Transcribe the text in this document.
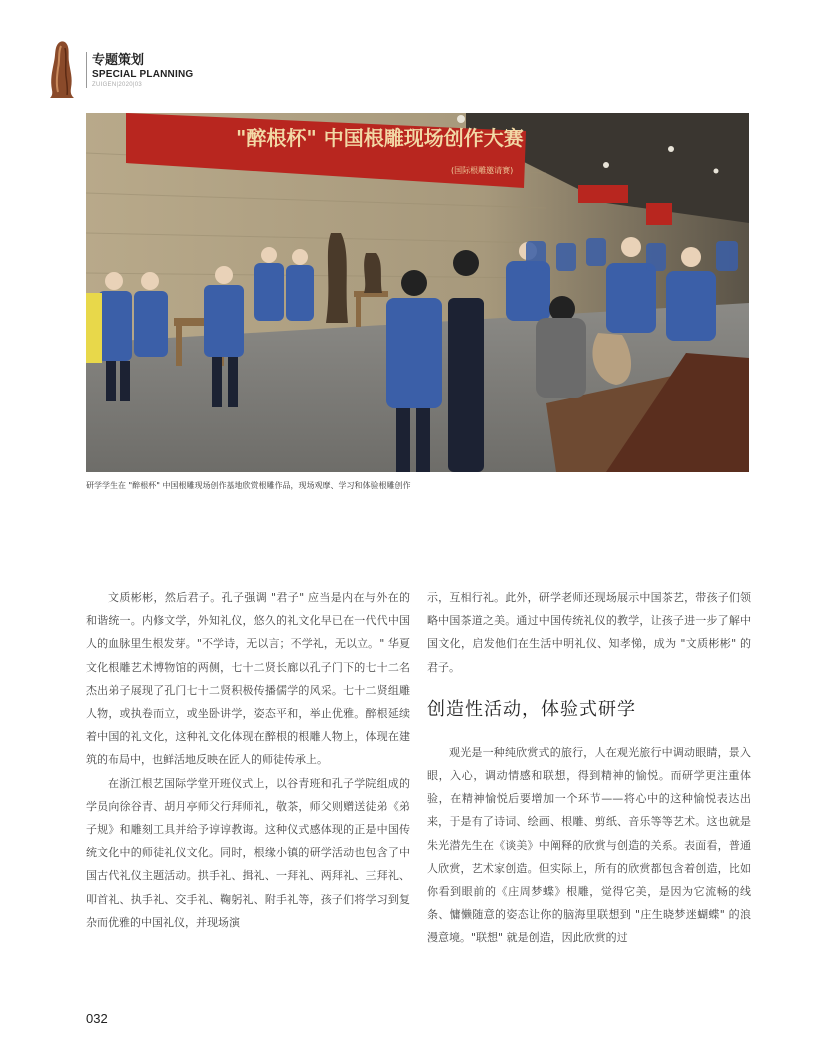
专题策划
SPECIAL PLANNING
ZUIGEN|2020|03
"醉根杯" 中国根雕现场创作大赛
(国际根雕邀请赛)
研学学生在 "醉根杯" 中国根雕现场创作基地欣赏根雕作品，现场观摩、学习和体验根雕创作

文质彬彬，然后君子。孔子强调 "君子" 应当是内在与外在的和谐统一。内修文学，外知礼仪，悠久的礼文化早已在一代代中国人的血脉里生根发芽。"不学诗，无以言；不学礼，无以立。" 华夏文化根雕艺术博物馆的两侧，七十二贤长廊以孔子门下的七十二名杰出弟子展现了孔门七十二贤积极传播儒学的风采。七十二贤组雕人物，或执卷而立，或坐卧讲学，姿态平和，举止优雅。醉根延续着中国的礼文化，这种礼文化体现在醉根的根雕人物上，体现在建筑的布局中，也鲜活地反映在匠人的师徒传承上。

在浙江根艺国际学堂开班仪式上，以谷青班和孔子学院组成的学员向徐谷青、胡月亭师父行拜师礼，敬茶，师父则赠送徒弟《弟子规》和雕刻工具并给予谆谆教诲。这种仪式感体现的正是中国传统文化中的师徒礼仪文化。同时，根缘小镇的研学活动也包含了中国古代礼仪主题活动。拱手礼、揖礼、一拜礼、两拜礼、三拜礼、叩首礼、执手礼、交手礼、鞠躬礼、附手礼等，孩子们将学习到复杂而优雅的中国礼仪，并现场演

示，互相行礼。此外，研学老师还现场展示中国茶艺，带孩子们领略中国茶道之美。通过中国传统礼仪的教学，让孩子进一步了解中国文化，启发他们在生活中明礼仪、知孝悌，成为 "文质彬彬" 的君子。

创造性活动，体验式研学

观光是一种纯欣赏式的旅行，人在观光旅行中调动眼睛，景入眼，入心，调动情感和联想，得到精神的愉悦。而研学更注重体验，在精神愉悦后要增加一个环节——将心中的这种愉悦表达出来，于是有了诗词、绘画、根雕、剪纸、音乐等等艺术。这也就是朱光潜先生在《谈美》中阐释的欣赏与创造的关系。表面看，普通人欣赏，艺术家创造。但实际上，所有的欣赏都包含着创造，比如你看到眼前的《庄周梦蝶》根雕，觉得它美，是因为它流畅的线条、慵懒随意的姿态让你的脑海里联想到 "庄生晓梦迷蝴蝶" 的浪漫意境。"联想" 就是创造，因此欣赏的过

032
